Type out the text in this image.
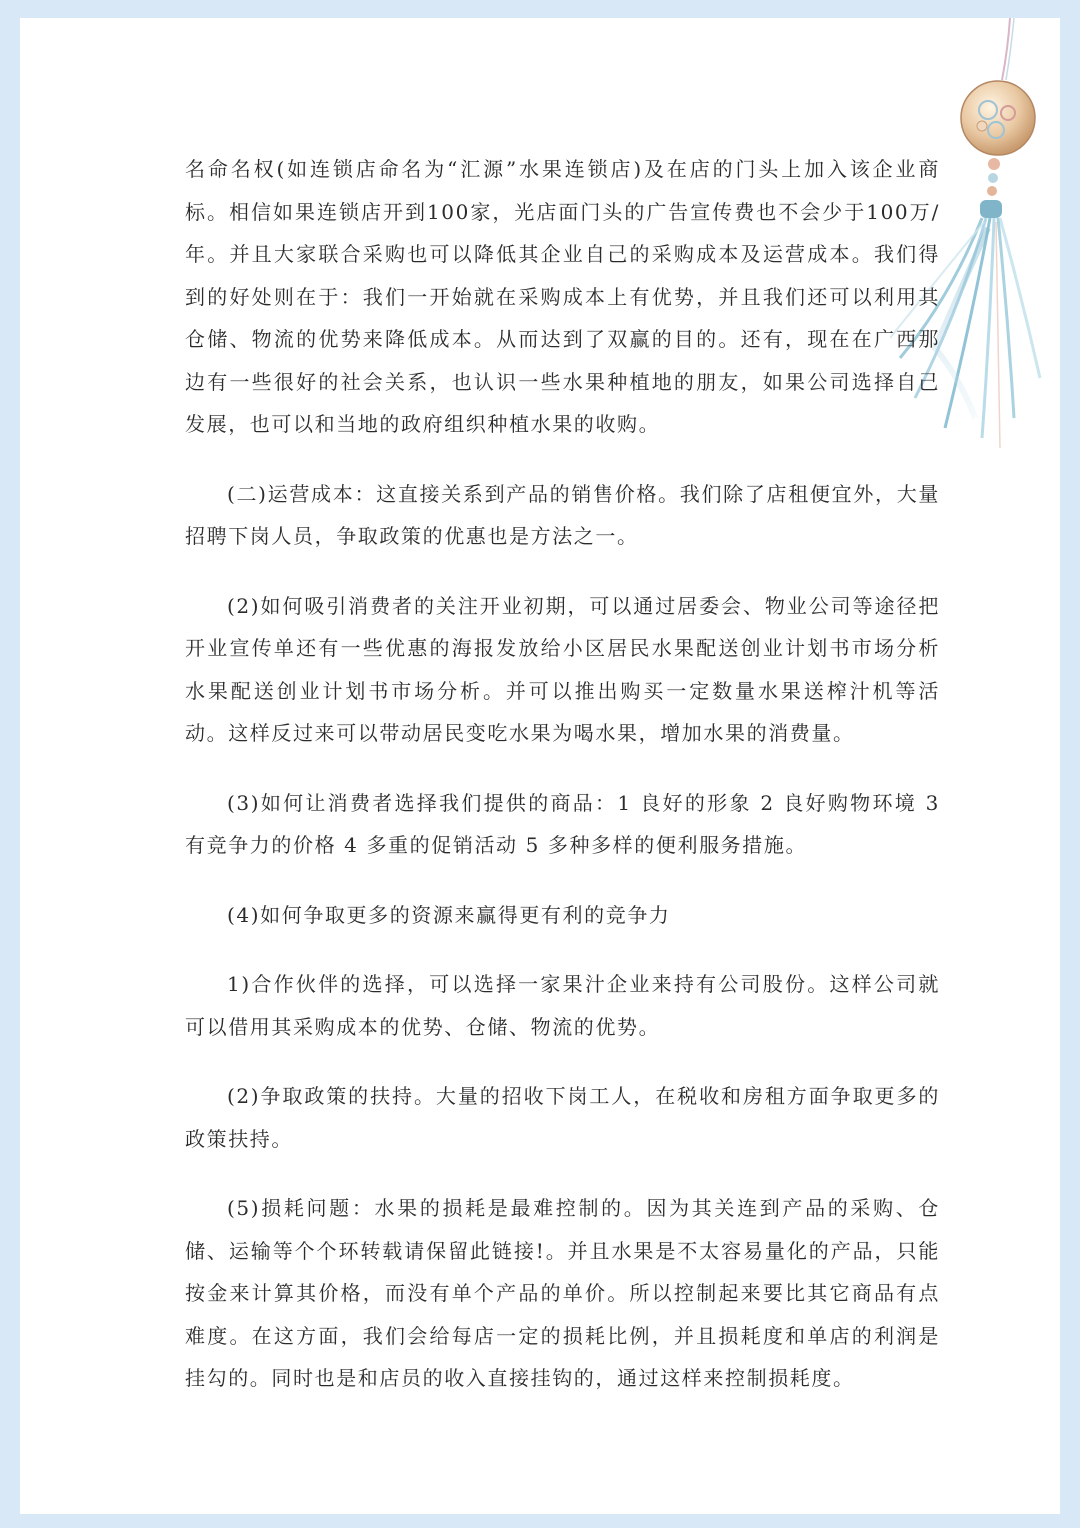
名命名权(如连锁店命名为“汇源”水果连锁店)及在店的门头上加入该企业商标。相信如果连锁店开到100家，光店面门头的广告宣传费也不会少于100万/年。并且大家联合采购也可以降低其企业自己的采购成本及运营成本。我们得到的好处则在于：我们一开始就在采购成本上有优势，并且我们还可以利用其仓储、物流的优势来降低成本。从而达到了双赢的目的。还有，现在在广西那边有一些很好的社会关系，也认识一些水果种植地的朋友，如果公司选择自己发展，也可以和当地的政府组织种植水果的收购。

(二)运营成本：这直接关系到产品的销售价格。我们除了店租便宜外，大量招聘下岗人员，争取政策的优惠也是方法之一。

(2)如何吸引消费者的关注开业初期，可以通过居委会、物业公司等途径把开业宣传单还有一些优惠的海报发放给小区居民水果配送创业计划书市场分析水果配送创业计划书市场分析。并可以推出购买一定数量水果送榨汁机等活动。这样反过来可以带动居民变吃水果为喝水果，增加水果的消费量。

(3)如何让消费者选择我们提供的商品：1 良好的形象 2 良好购物环境 3 有竞争力的价格 4 多重的促销活动 5 多种多样的便利服务措施。

(4)如何争取更多的资源来赢得更有利的竞争力

1)合作伙伴的选择，可以选择一家果汁企业来持有公司股份。这样公司就可以借用其采购成本的优势、仓储、物流的优势。

(2)争取政策的扶持。大量的招收下岗工人，在税收和房租方面争取更多的政策扶持。

(5)损耗问题：水果的损耗是最难控制的。因为其关连到产品的采购、仓储、运输等个个环转载请保留此链接!。并且水果是不太容易量化的产品，只能按金来计算其价格，而没有单个产品的单价。所以控制起来要比其它商品有点难度。在这方面，我们会给每店一定的损耗比例，并且损耗度和单店的利润是挂勾的。同时也是和店员的收入直接挂钩的，通过这样来控制损耗度。
